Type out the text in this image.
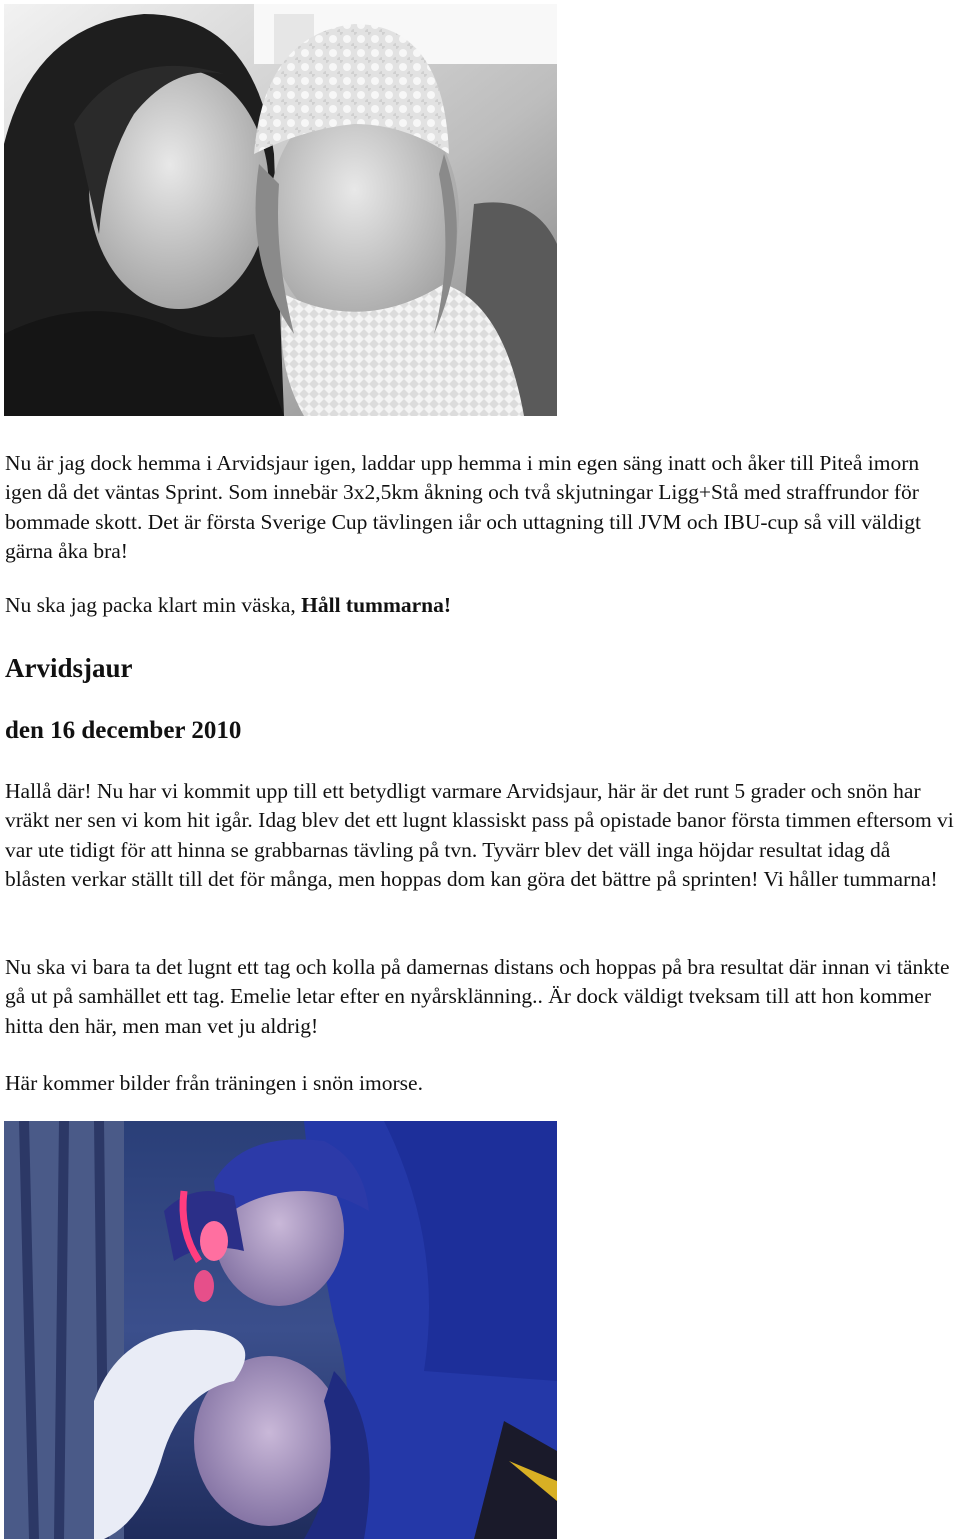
Nu är jag dock hemma i Arvidsjaur igen, laddar upp hemma i min egen säng inatt och åker till Piteå imorn igen då det väntas Sprint. Som innebär 3x2,5km åkning och två skjutningar Ligg+Stå med straffrundor för bommade skott. Det är första Sverige Cup tävlingen iår och uttagning till JVM och IBU-cup så vill väldigt gärna åka bra!

Nu ska jag packa klart min väska, Håll tummarna!

Arvidsjaur
den 16 december 2010

Hallå där! Nu har vi kommit upp till ett betydligt varmare Arvidsjaur, här är det runt 5 grader och snön har vräkt ner sen vi kom hit igår. Idag blev det ett lugnt klassiskt pass på opistade banor första timmen eftersom vi var ute tidigt för att hinna se grabbarnas tävling på tvn. Tyvärr blev det väll inga höjdar resultat idag då blåsten verkar ställt till det för många, men hoppas dom kan göra det bättre på sprinten! Vi håller tummarna!

Nu ska vi bara ta det lugnt ett tag och kolla på damernas distans och hoppas på bra resultat där innan vi tänkte gå ut på samhället ett tag. Emelie letar efter en nyårsklänning.. Är dock väldigt tveksam till att hon kommer hitta den här, men man vet ju aldrig!

Här kommer bilder från träningen i snön imorse.
